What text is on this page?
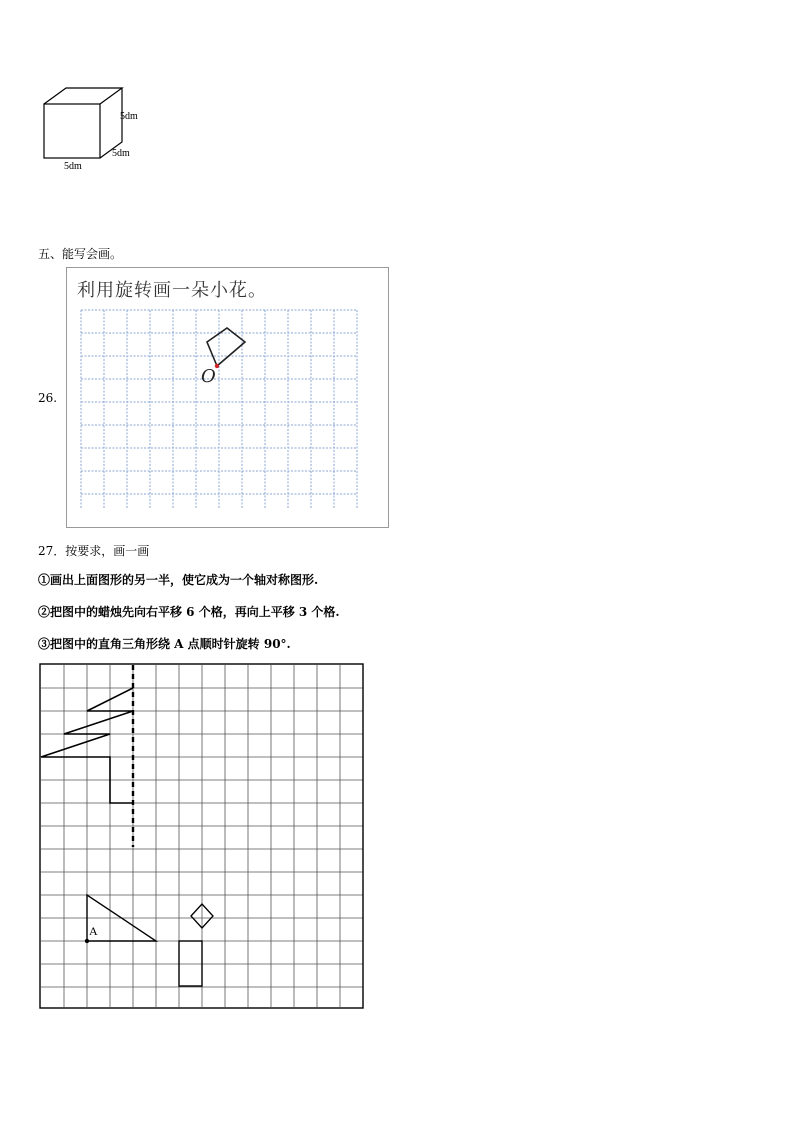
5dm
5dm
5dm
五、能写会画。
26.
利用旋转画一朵小花。
O
27．按要求，画一画
①画出上面图形的另一半，使它成为一个轴对称图形.
②把图中的蜡烛先向右平移 6 个格，再向上平移 3 个格.
③把图中的直角三角形绕 A 点顺时针旋转 90°.
A
